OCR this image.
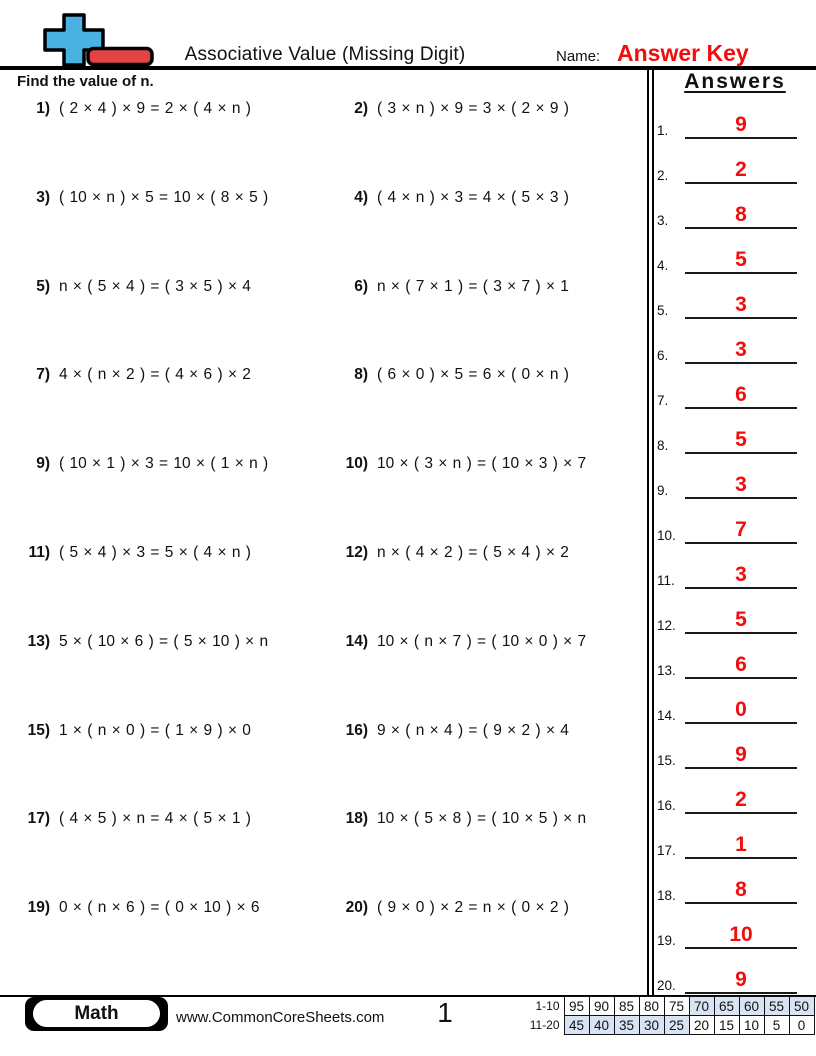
Associative Value (Missing Digit)	Name: Answer Key
Find the value of n.
1) ( 2 × 4 ) × 9 = 2 × ( 4 × n )	2) ( 3 × n ) × 9 = 3 × ( 2 × 9 )
3) ( 10 × n ) × 5 = 10 × ( 8 × 5 )	4) ( 4 × n ) × 3 = 4 × ( 5 × 3 )
5) n × ( 5 × 4 ) = ( 3 × 5 ) × 4	6) n × ( 7 × 1 ) = ( 3 × 7 ) × 1
7) 4 × ( n × 2 ) = ( 4 × 6 ) × 2	8) ( 6 × 0 ) × 5 = 6 × ( 0 × n )
9) ( 10 × 1 ) × 3 = 10 × ( 1 × n )	10) 10 × ( 3 × n ) = ( 10 × 3 ) × 7
11) ( 5 × 4 ) × 3 = 5 × ( 4 × n )	12) n × ( 4 × 2 ) = ( 5 × 4 ) × 2
13) 5 × ( 10 × 6 ) = ( 5 × 10 ) × n	14) 10 × ( n × 7 ) = ( 10 × 0 ) × 7
15) 1 × ( n × 0 ) = ( 1 × 9 ) × 0	16) 9 × ( n × 4 ) = ( 9 × 2 ) × 4
17) ( 4 × 5 ) × n = 4 × ( 5 × 1 )	18) 10 × ( 5 × 8 ) = ( 10 × 5 ) × n
19) 0 × ( n × 6 ) = ( 0 × 10 ) × 6	20) ( 9 × 0 ) × 2 = n × ( 0 × 2 )
Answers
1.	9
2.	2
3.	8
4.	5
5.	3
6.	3
7.	6
8.	5
9.	3
10.	7
11.	3
12.	5
13.	6
14.	0
15.	9
16.	2
17.	1
18.	8
19.	10
20.	9
Math	www.CommonCoreSheets.com	1	1-10	95	90	85	80	75	70	65	60	55	50
11-20	45	40	35	30	25	20	15	10	5	0
